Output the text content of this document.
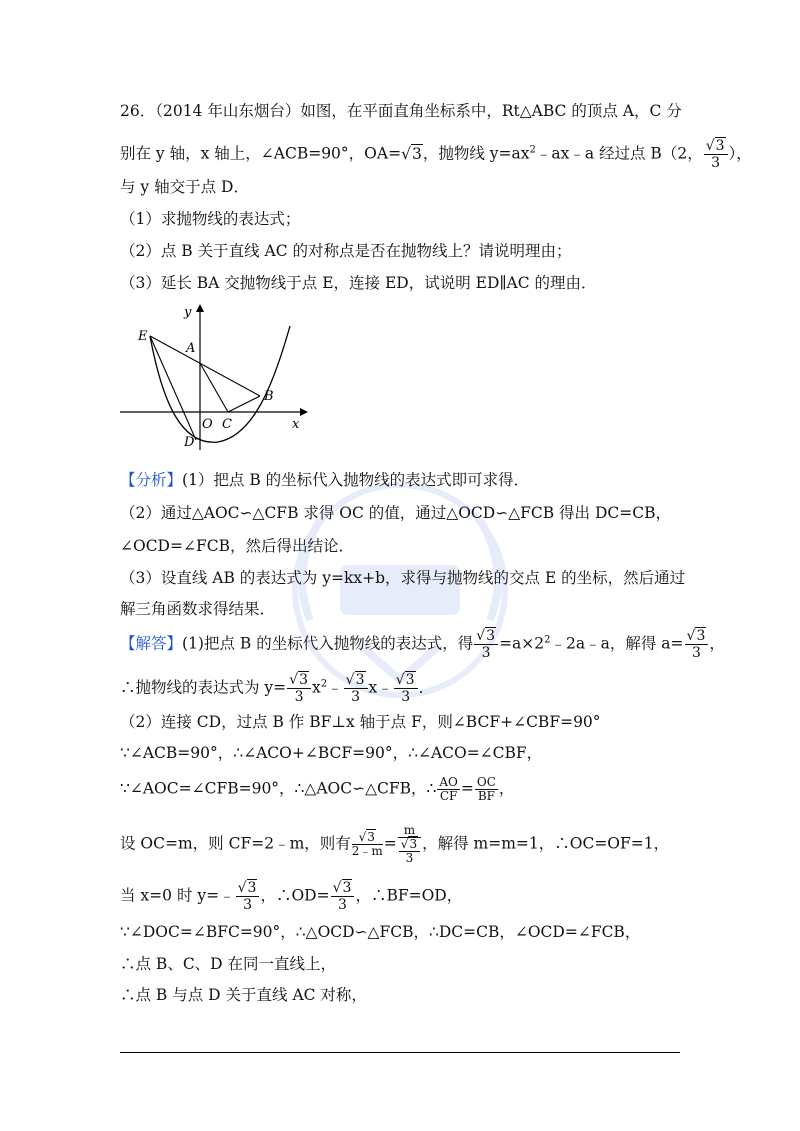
26．（2014 年山东烟台）如图，在平面直角坐标系中，Rt△ABC 的顶点 A，C 分
别在 y 轴，x 轴上，∠ACB=90°，OA=√3，抛物线 $y=ax^2﹣ax﹣a$ 经过点 B（2， $\frac{√3}{3}$ ），
与 y 轴交于点 D．
（1）求抛物线的表达式；
（2）点 B 关于直线 AC 的对称点是否在抛物线上？请说明理由；
（3）延长 BA 交抛物线于点 E，连接 ED，试说明 ED∥AC 的理由．
E
A
B
C
O
D
x
y
【分析】(1）把点 B 的坐标代入抛物线的表达式即可求得．
（2）通过△AOC∽△CFB 求得 OC 的值，通过△OCD∽△FCB 得出 DC=CB，
∠OCD=∠FCB，然后得出结论．
（3）设直线 AB 的表达式为 y=kx+b，求得与抛物线的交点 E 的坐标，然后通过
解三角函数求得结果．
【解答】(1)把点 B 的坐标代入抛物线的表达式，得 $\frac{√3}{3}$ $=a\times 2^2﹣2a﹣a$，解得 $a= \frac{√3}{3}$ ，
∴抛物线的表达式为 $y= \frac{√3}{3}$ $x^2﹣ \frac{√3}{3}$ x﹣ $\frac{√3}{3}$ ．
（2）连接 CD，过点 B 作 BF⊥x 轴于点 F，则∠BCF+∠CBF=90°
∵∠ACB=90°，∴∠ACO+∠BCF=90°，∴∠ACO=∠CBF，
∵∠AOC=∠CFB=90°，∴△AOC∽△CFB，∴ $\frac{AO}{CF} = \frac{OC}{BF}$ ，
设 OC=m，则 CF=2﹣m，则有 $\frac{√3}{2﹣m} = \frac{m}{\frac{√3}{3}}$ ，解得 m=m=1，∴OC=OF=1，
当 x=0 时 y=﹣ $\frac{√3}{3}$ ，∴OD= $\frac{√3}{3}$ ，∴BF=OD，
∵∠DOC=∠BFC=90°，∴△OCD∽△FCB，∴DC=CB，∠OCD=∠FCB，
∴点 B、C、D 在同一直线上，
∴点 B 与点 D 关于直线 AC 对称，
